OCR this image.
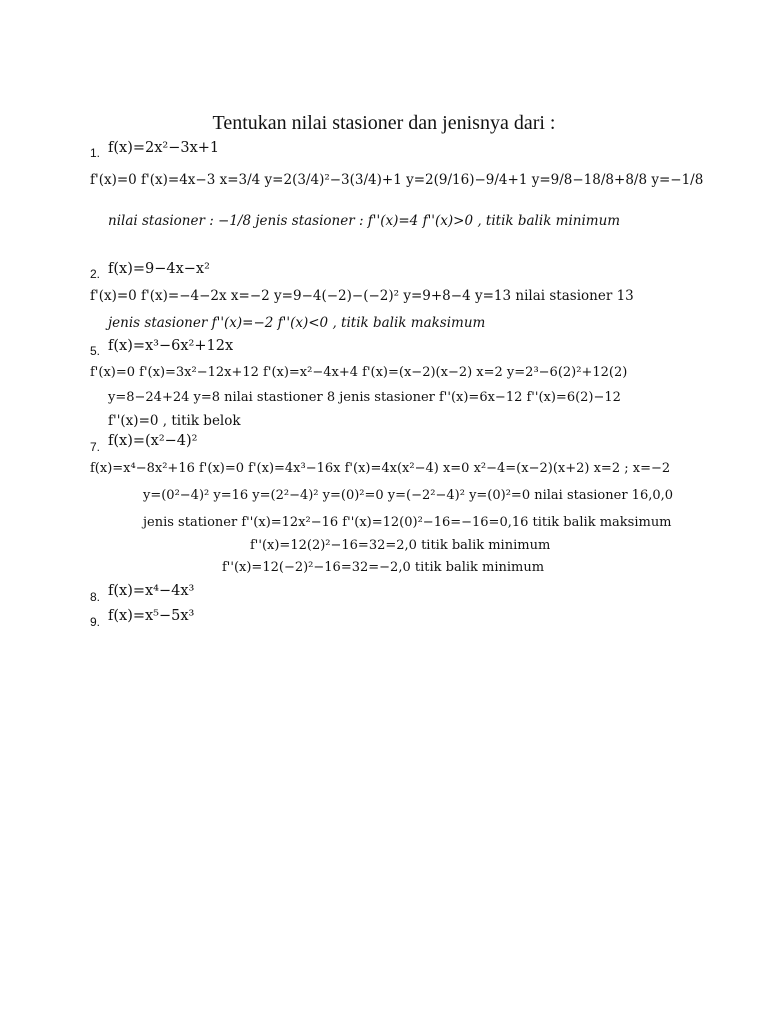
Tentukan nilai stasioner dan jenisnya dari :
1. f(x)=2x²−3x+1
f'(x)=0 f'(x)=4x−3 x=3/4 y=2(3/4)²−3(3/4)+1 y=2(9/16)−9/4+1 y=9/8−18/8+8/8 y=−1/8
nilai stasioner : −1/8 jenis stasioner : f''(x)=4 f''(x)>0 , titik balik minimum
2. f(x)=9−4x−x²
f'(x)=0 f'(x)=−4−2x x=−2 y=9−4(−2)−(−2)² y=9+8−4 y=13 nilai stasioner 13
jenis stasioner f''(x)=−2 f''(x)<0 , titik balik maksimum
5. f(x)=x³−6x²+12x
f'(x)=0 f'(x)=3x²−12x+12 f'(x)=x²−4x+4 f'(x)=(x−2)(x−2) x=2 y=2³−6(2)²+12(2)
y=8−24+24 y=8 nilai stastioner 8 jenis stasioner f''(x)=6x−12 f''(x)=6(2)−12
f''(x)=0 , titik belok
7. f(x)=(x²−4)²
f(x)=x⁴−8x²+16 f'(x)=0 f'(x)=4x³−16x f'(x)=4x(x²−4) x=0 x²−4=(x−2)(x+2) x=2 ; x=−2
y=(0²−4)² y=16 y=(2²−4)² y=(0)²=0 y=(−2²−4)² y=(0)²=0 nilai stasioner 16,0,0
jenis stationer f''(x)=12x²−16 f''(x)=12(0)²−16=−16=0,16 titik balik maksimum
f''(x)=12(2)²−16=32=2,0 titik balik minimum
f''(x)=12(−2)²−16=32=−2,0 titik balik minimum
8. f(x)=x⁴−4x³
9. f(x)=x⁵−5x³
